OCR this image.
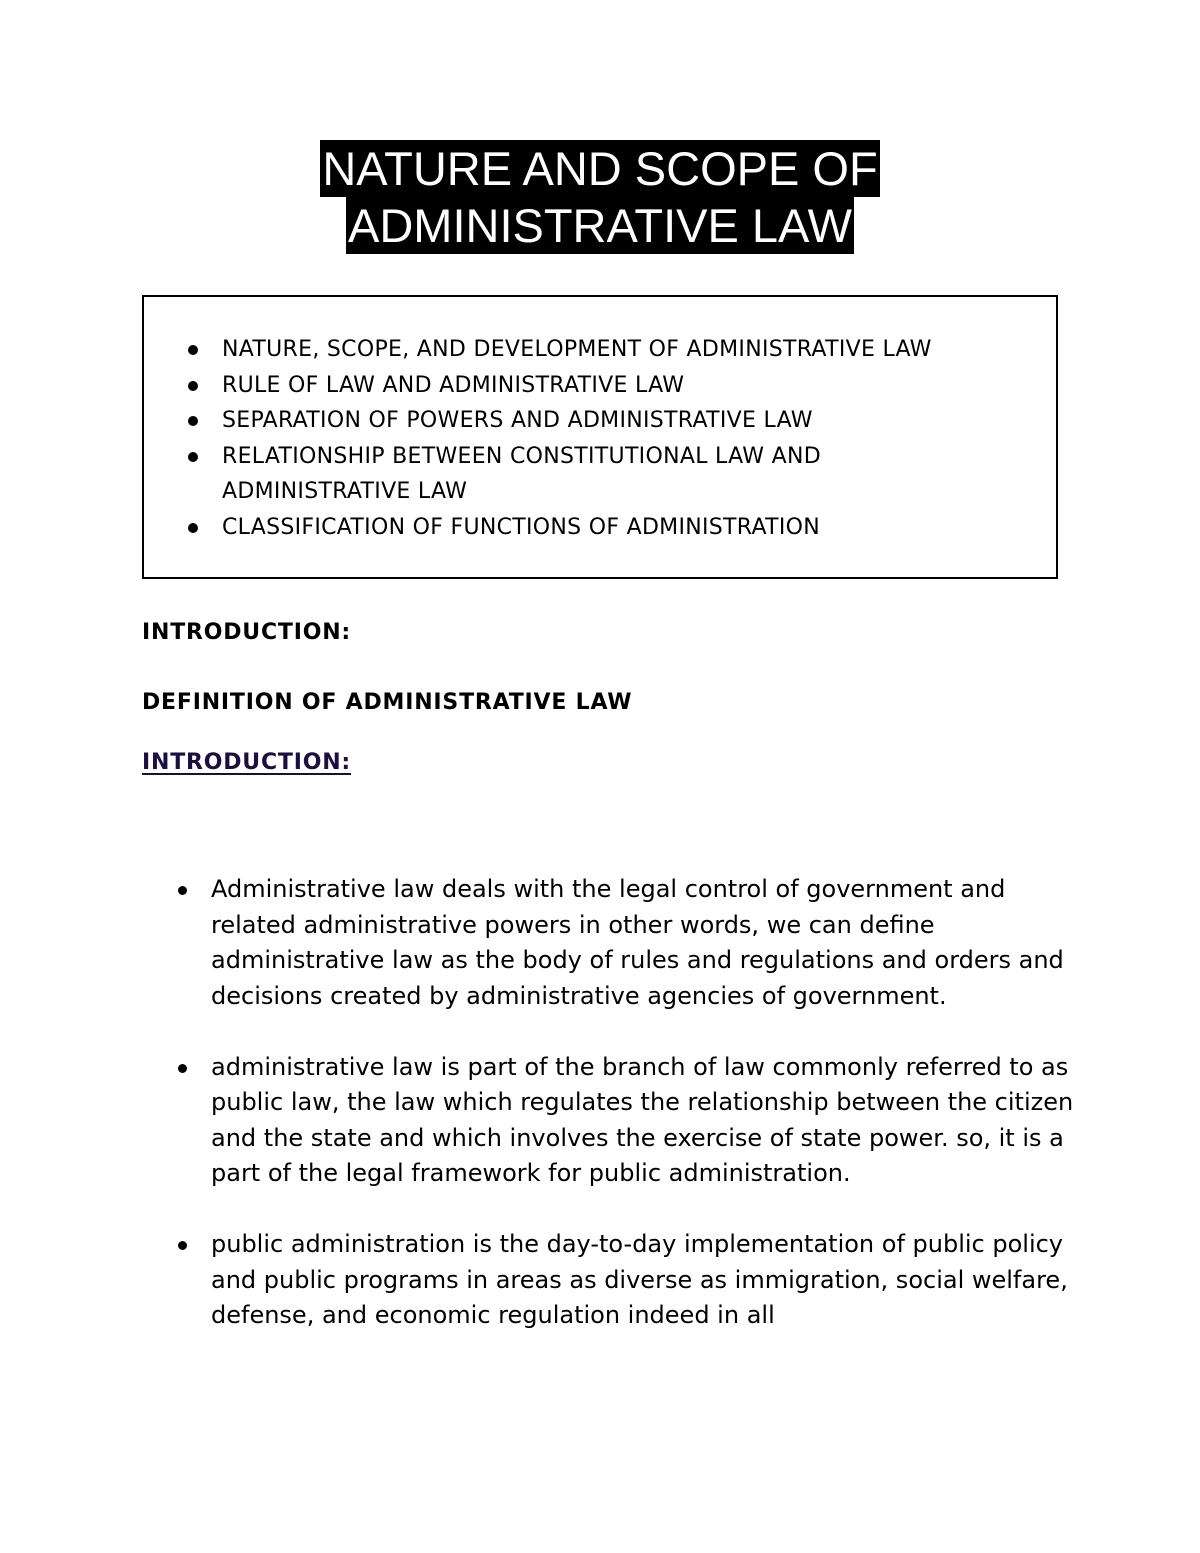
NATURE AND SCOPE OF
ADMINISTRATIVE LAW
NATURE, SCOPE, AND DEVELOPMENT OF ADMINISTRATIVE LAW
RULE OF LAW AND ADMINISTRATIVE LAW
SEPARATION OF POWERS AND ADMINISTRATIVE LAW
RELATIONSHIP BETWEEN CONSTITUTIONAL LAW AND
ADMINISTRATIVE LAW
CLASSIFICATION OF FUNCTIONS OF ADMINISTRATION
INTRODUCTION:
DEFINITION OF ADMINISTRATIVE LAW
INTRODUCTION:
Administrative law deals with the legal control of government and related administrative powers in other words, we can define administrative law as the body of rules and regulations and orders and decisions created by administrative agencies of government.
administrative law is part of the branch of law commonly referred to as public law, the law which regulates the relationship between the citizen and the state and which involves the exercise of state power. so, it is a part of the legal framework for public administration.
public administration is the day-to-day implementation of public policy and public programs in areas as diverse as immigration, social welfare, defense, and economic regulation indeed in all
